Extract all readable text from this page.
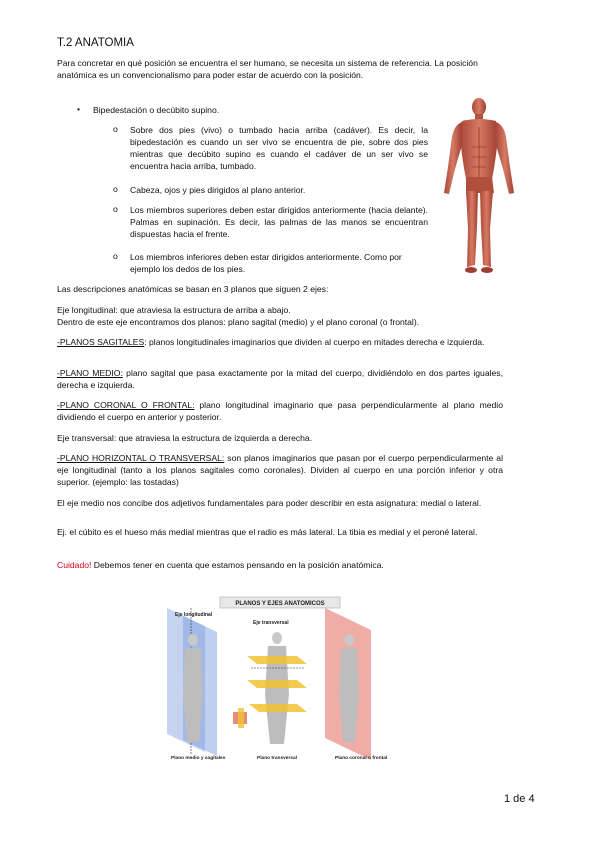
T.2 ANATOMIA
Para concretar en qué posición se encuentra el ser humano, se necesita un sistema de referencia. La posición anatómica es un convencionalismo para poder estar de acuerdo con la posición.
• Bipedestación o decúbito supino.
o Sobre dos pies (vivo) o tumbado hacia arriba (cadáver). Es decir, la bipedestación es cuando un ser vivo se encuentra de pie, sobre dos pies mientras que decúbito supino es cuando el cadáver de un ser vivo se encuentra hacia arriba, tumbado.
o Cabeza, ojos y pies dirigidos al plano anterior.
o Los miembros superiores deben estar dirigidos anteriormente (hacia delante). Palmas en supinación. Es decir, las palmas de las manos se encuentran dispuestas hacia el frente.
o Los miembros inferiores deben estar dirigidos anteriormente. Como por ejemplo los dedos de los pies.
Las descripciones anatómicas se basan en 3 planos que siguen 2 ejes:
Eje longitudinal: que atraviesa la estructura de arriba a abajo.
Dentro de este eje encontramos dos planos: plano sagital (medio) y el plano coronal (o frontal).
-PLANOS SAGITALES: planos longitudinales imaginarios que dividen al cuerpo en mitades derecha e izquierda.
-PLANO MEDIO: plano sagital que pasa exactamente por la mitad del cuerpo, dividiéndolo en dos partes iguales, derecha e izquierda.
-PLANO CORONAL O FRONTAL: plano longitudinal imaginario que pasa perpendicularmente al plano medio dividiendo el cuerpo en anterior y posterior.
Eje transversal: que atraviesa la estructura de izquierda a derecha.
-PLANO HORIZONTAL O TRANSVERSAL: son planos imaginarios que pasan por el cuerpo perpendicularmente al eje longitudinal (tanto a los planos sagitales como coronales). Dividen al cuerpo en una porción inferior y otra superior. (ejemplo: las tostadas)
El eje medio nos concibe dos adjetivos fundamentales para poder describir en esta asignatura: medial o lateral.
Ej. el cúbito es el hueso más medial mientras que el radio es más lateral. La tibia es medial y el peroné lateral.
Cuidado! Debemos tener en cuenta que estamos pensando en la posición anatómica.
PLANOS Y EJES ANATOMICOS
Eje longitudinal
Eje transversal
Plano medio y sagitales	Plano transversal	Plano coronal o frontal
1 de 4
